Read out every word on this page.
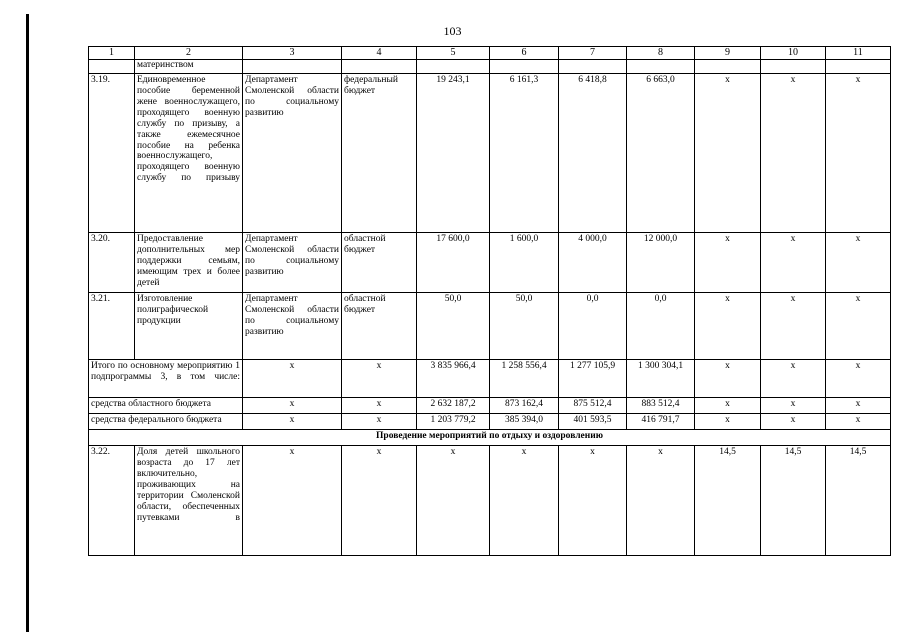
103
1	2	3	4	5	6	7	8	9	10	11
	материнством									
3.19.	Единовременное пособие беременной жене военнослужащего, проходящего военную службу по призыву, а также ежемесячное пособие на ребенка военнослужащего, проходящего военную службу по призыву	Департамент Смоленской области по социальному развитию	федеральный бюджет	19 243,1	6 161,3	6 418,8	6 663,0	х	х	х
3.20.	Предоставление дополнительных мер поддержки семьям, имеющим трех и более детей	Департамент Смоленской области по социальному развитию	областной бюджет	17 600,0	1 600,0	4 000,0	12 000,0	х	х	х
3.21.	Изготовление полиграфической продукции	Департамент Смоленской области по социальному развитию	областной бюджет	50,0	50,0	0,0	0,0	х	х	х
Итого по основному мероприятию 1 подпрограммы 3, в том числе:		х	х	3 835 966,4	1 258 556,4	1 277 105,9	1 300 304,1	х	х	х
средства областного бюджета		х	х	2 632 187,2	873 162,4	875 512,4	883 512,4	х	х	х
средства федерального бюджета		х	х	1 203 779,2	385 394,0	401 593,5	416 791,7	х	х	х
Проведение мероприятий по отдыху и оздоровлению										
3.22.	Доля детей школьного возраста до 17 лет включительно, проживающих на территории Смоленской области, обеспеченных путевками в	х	х	х	х	х	х	14,5	14,5	14,5
